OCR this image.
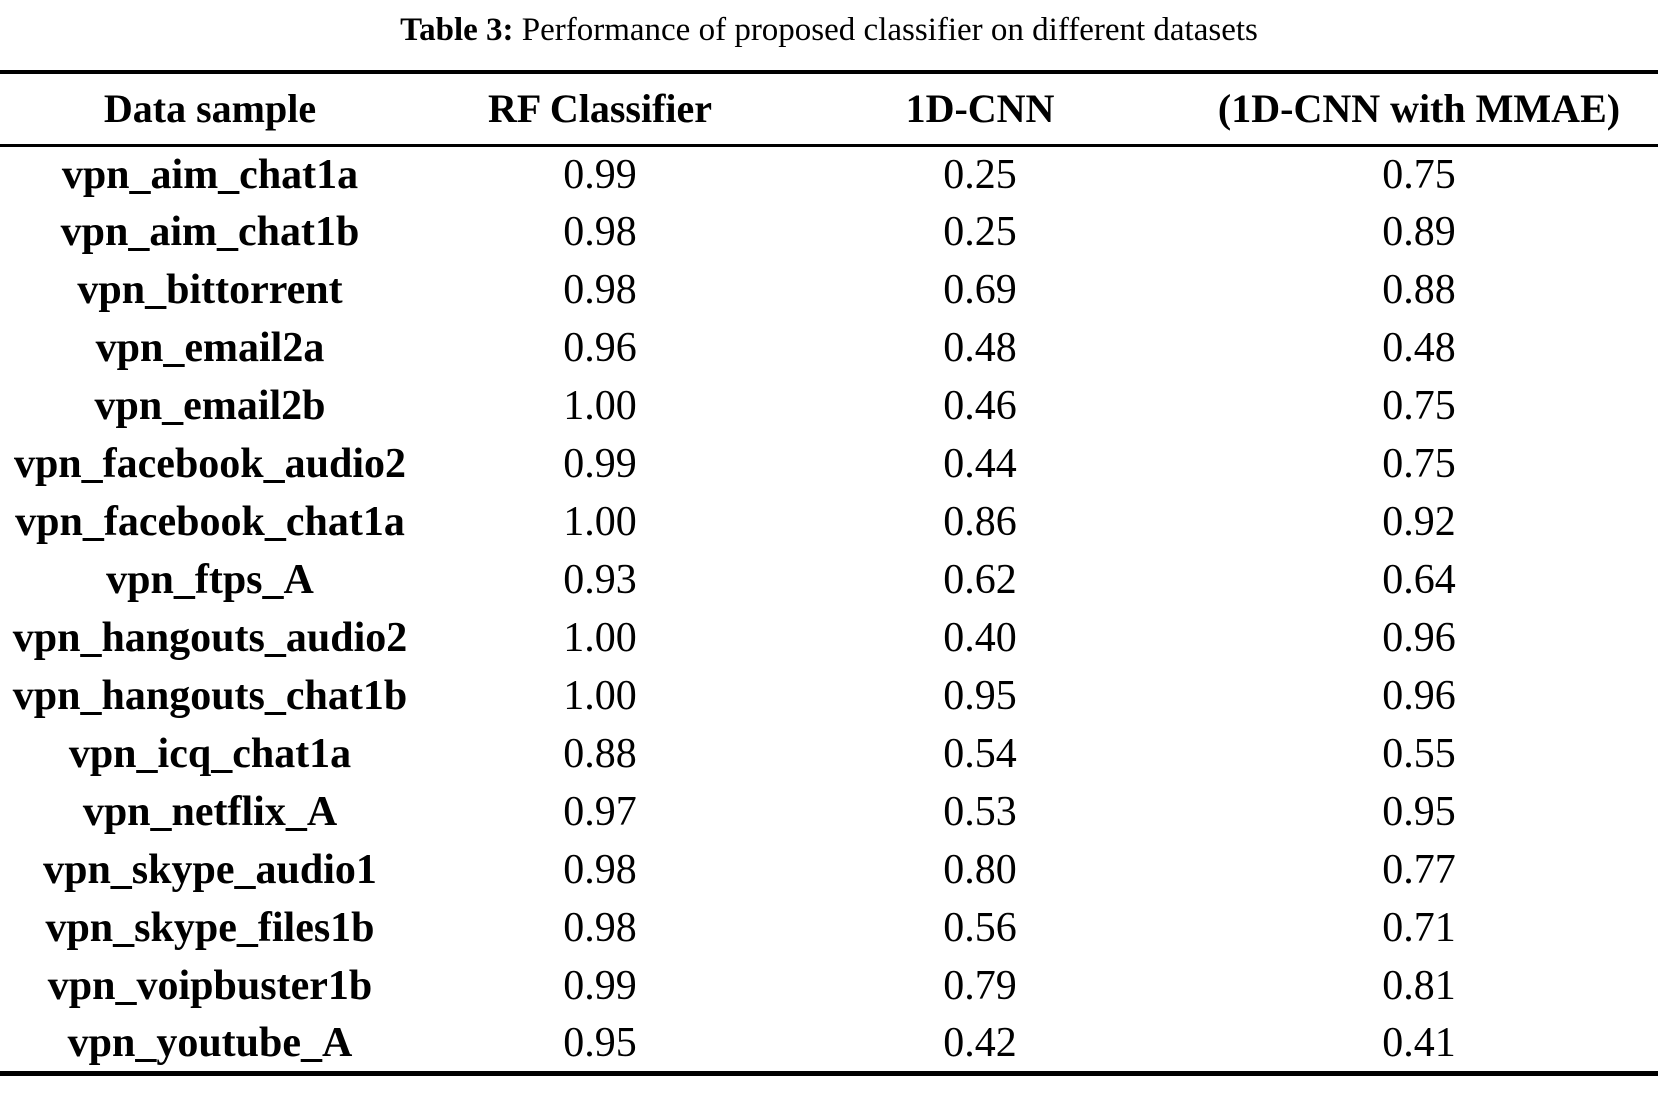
Table 3: Performance of proposed classifier on different datasets
Data sample	RF Classifier	1D-CNN	(1D-CNN with MMAE)
vpn_aim_chat1a	0.99	0.25	0.75
vpn_aim_chat1b	0.98	0.25	0.89
vpn_bittorrent	0.98	0.69	0.88
vpn_email2a	0.96	0.48	0.48
vpn_email2b	1.00	0.46	0.75
vpn_facebook_audio2	0.99	0.44	0.75
vpn_facebook_chat1a	1.00	0.86	0.92
vpn_ftps_A	0.93	0.62	0.64
vpn_hangouts_audio2	1.00	0.40	0.96
vpn_hangouts_chat1b	1.00	0.95	0.96
vpn_icq_chat1a	0.88	0.54	0.55
vpn_netflix_A	0.97	0.53	0.95
vpn_skype_audio1	0.98	0.80	0.77
vpn_skype_files1b	0.98	0.56	0.71
vpn_voipbuster1b	0.99	0.79	0.81
vpn_youtube_A	0.95	0.42	0.41
